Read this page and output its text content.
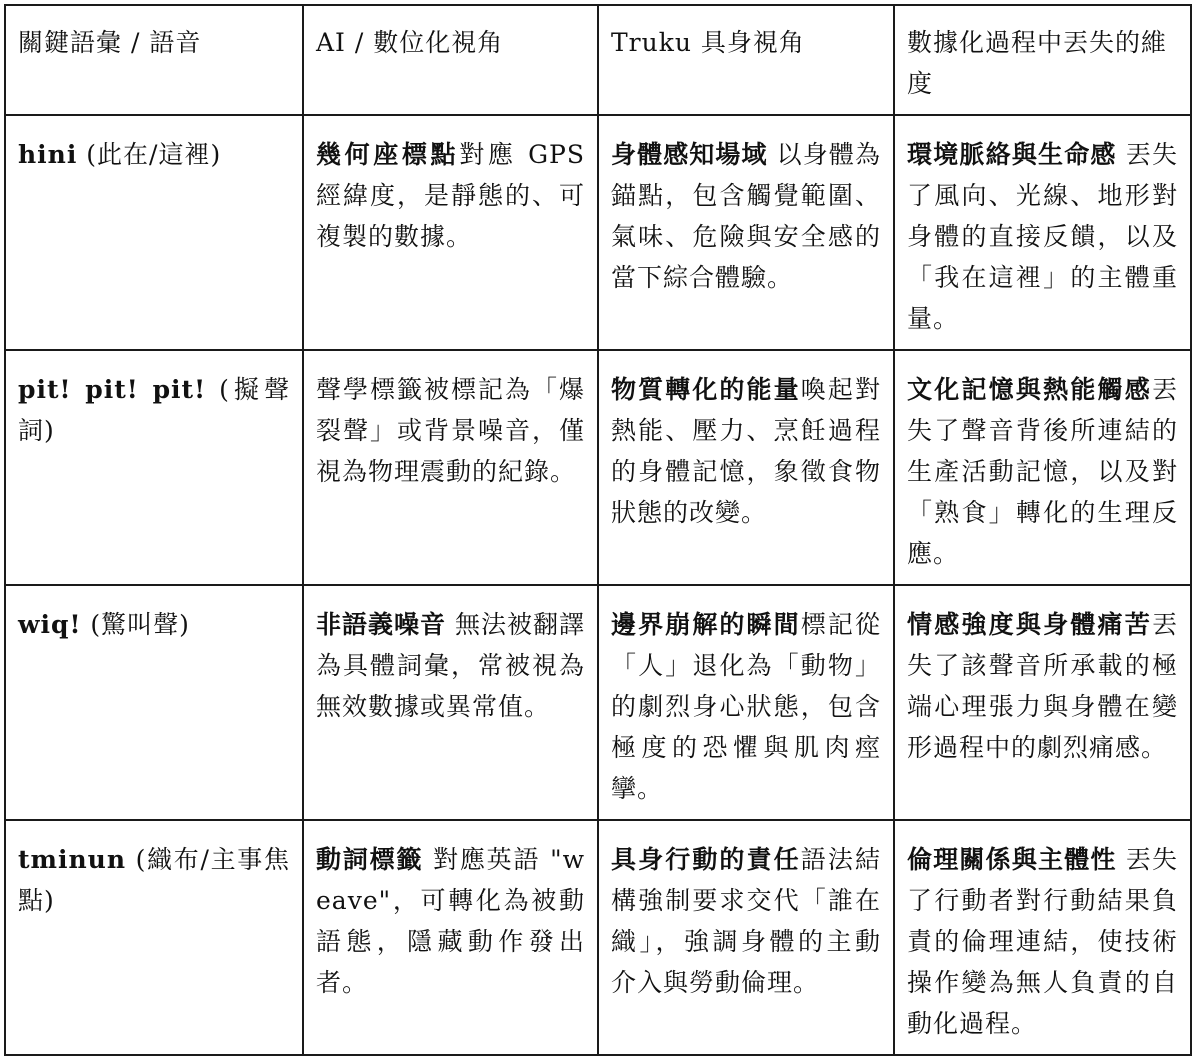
關鍵語彙 / 語音	AI / 數位化視角	Truku 具身視角	數據化過程中丟失的維度
hini (此在/這裡)	幾何座標點對應 GPS 經緯度，是靜態的、可複製的數據。	身體感知場域 以身體為錨點，包含觸覺範圍、氣味、危險與安全感的當下綜合體驗。	環境脈絡與生命感 丟失了風向、光線、地形對身體的直接反饋，以及「我在這裡」的主體重量。
pit! pit! pit! (擬聲詞)	聲學標籤被標記為「爆裂聲」或背景噪音，僅視為物理震動的紀錄。	物質轉化的能量喚起對熱能、壓力、烹飪過程的身體記憶，象徵食物狀態的改變。	文化記憶與熱能觸感丟失了聲音背後所連結的生產活動記憶，以及對「熟食」轉化的生理反應。
wiq! (驚叫聲)	非語義噪音 無法被翻譯為具體詞彙，常被視為無效數據或異常值。	邊界崩解的瞬間標記從「人」退化為「動物」的劇烈身心狀態，包含極度的恐懼與肌肉痙攣。	情感強度與身體痛苦丟失了該聲音所承載的極端心理張力與身體在變形過程中的劇烈痛感。
tminun (織布/主事焦點)	動詞標籤 對應英語 "weave"，可轉化為被動語態，隱藏動作發出者。	具身行動的責任語法結構強制要求交代「誰在織」，強調身體的主動介入與勞動倫理。	倫理關係與主體性 丟失了行動者對行動結果負責的倫理連結，使技術操作變為無人負責的自動化過程。
